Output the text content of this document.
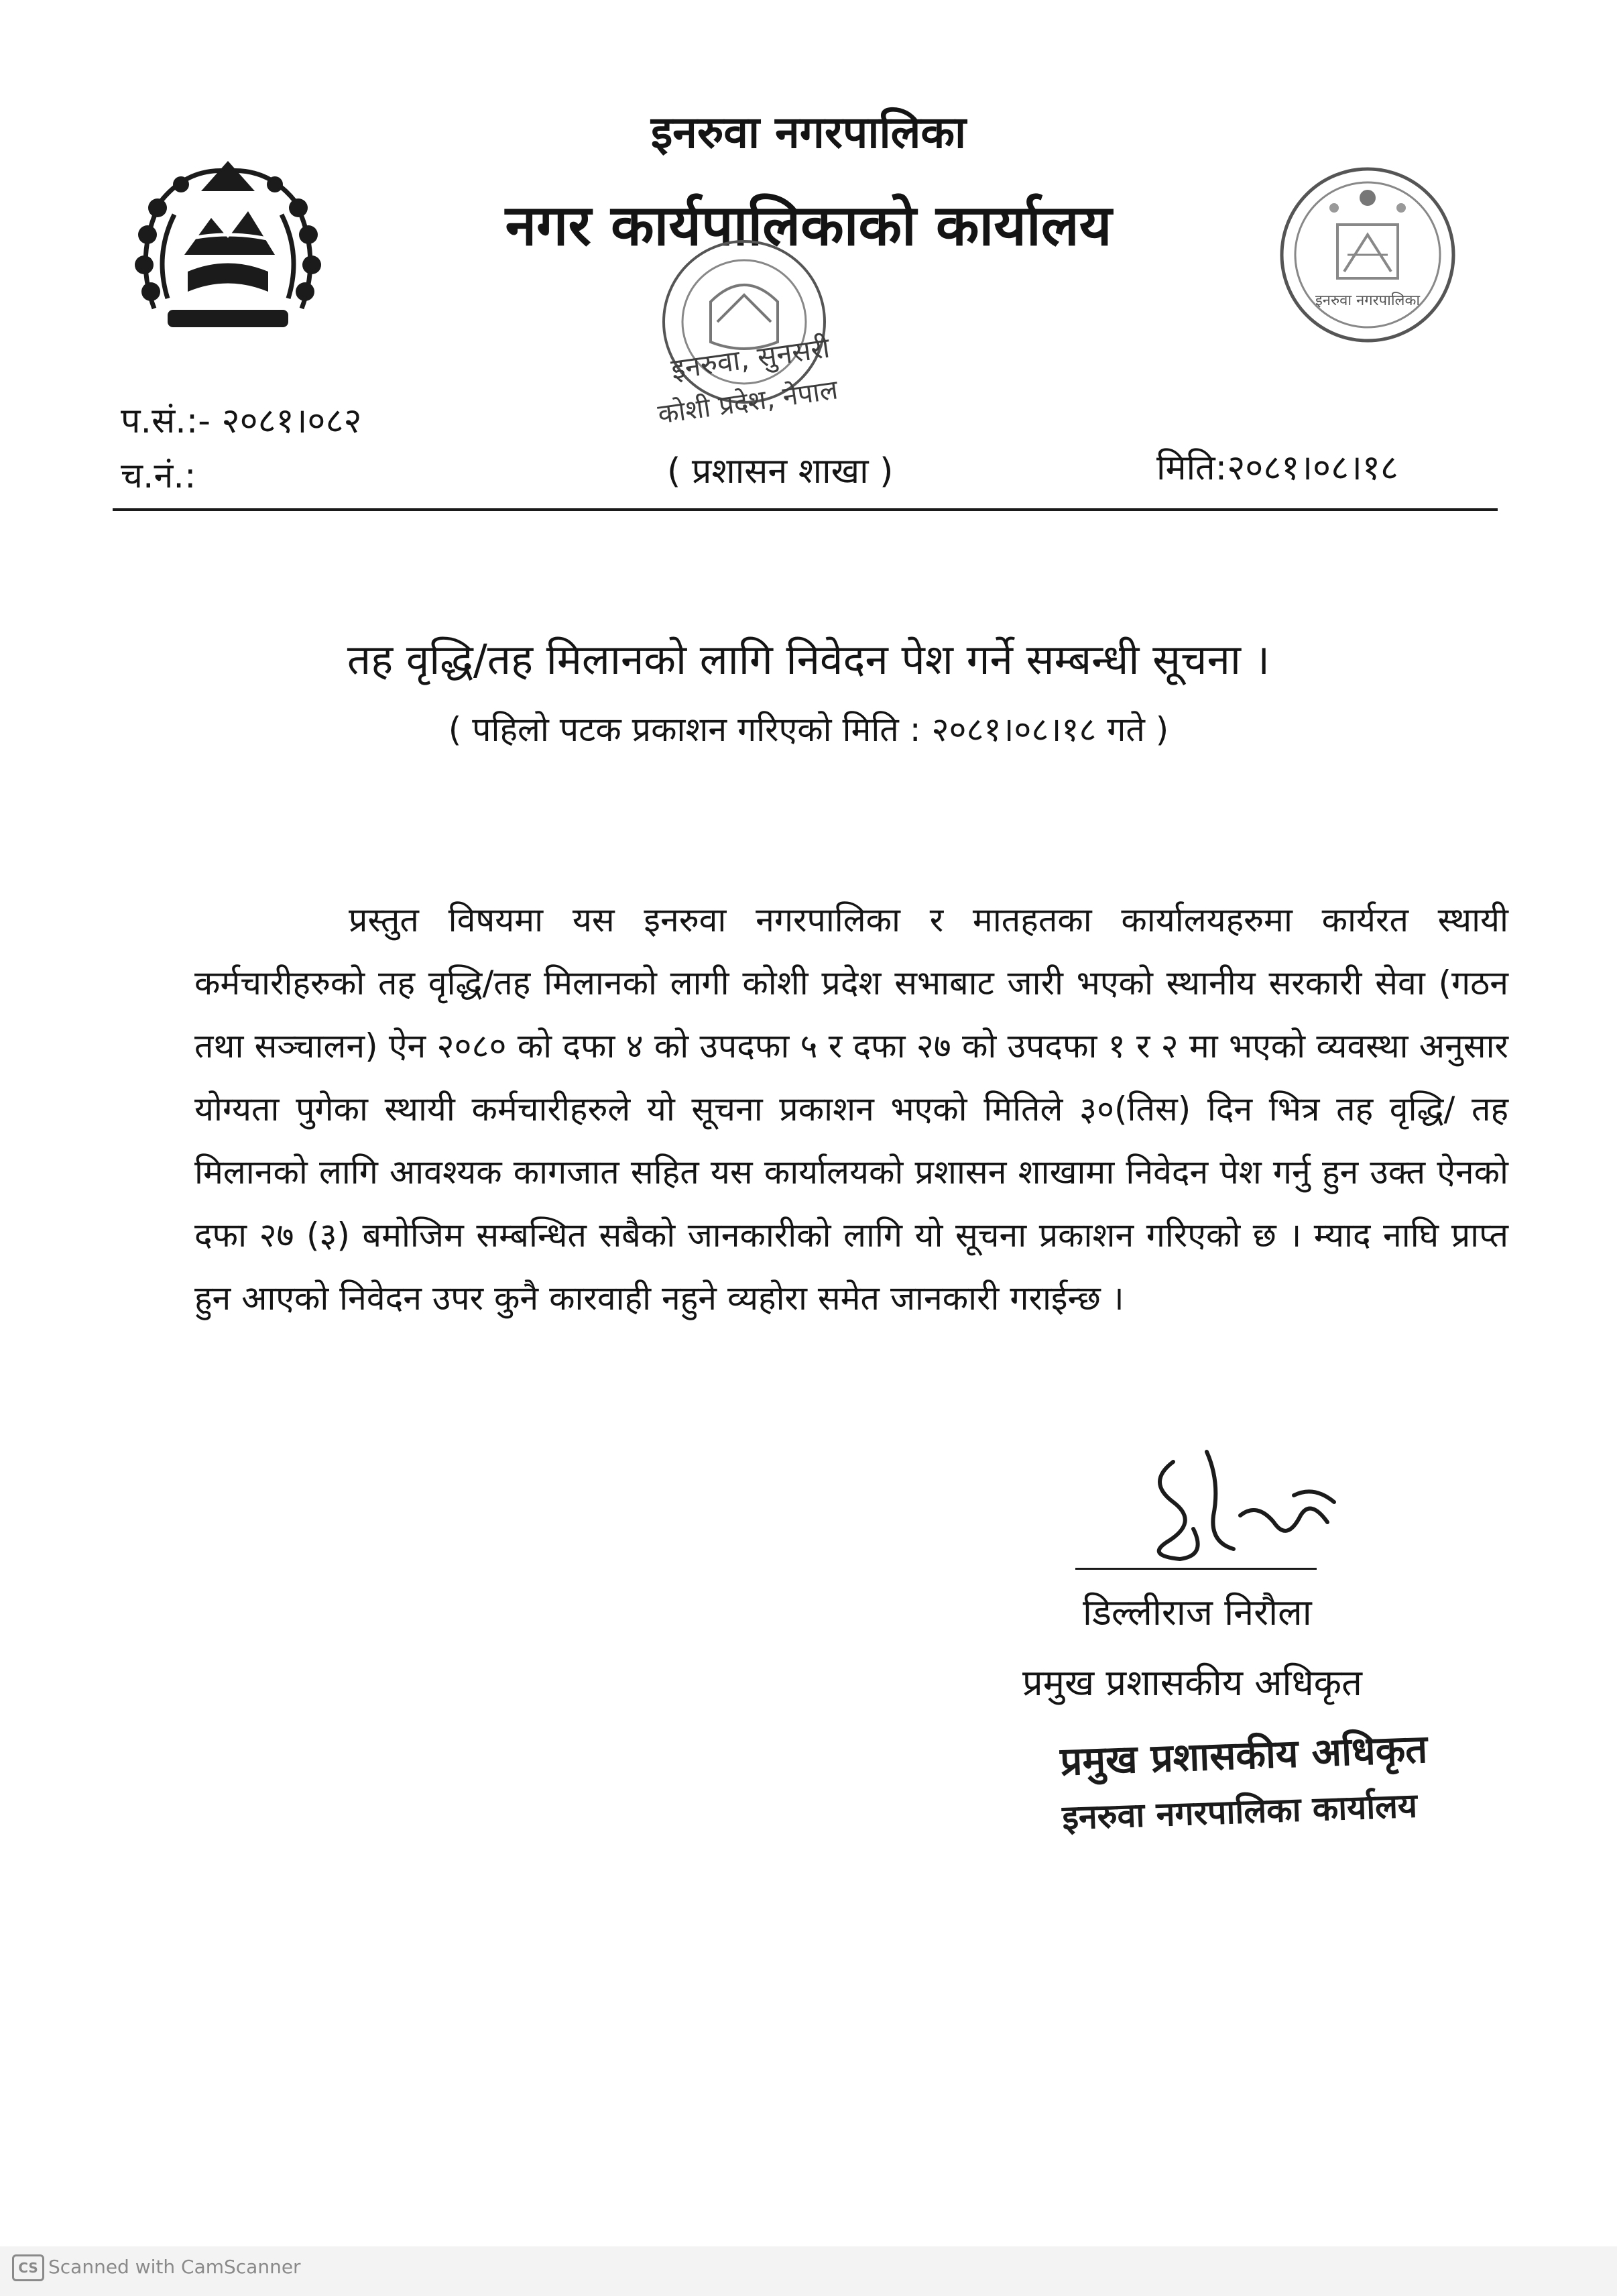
इनरुवा नगरपालिका
इनरुवा नगरपालिका
नगर कार्यपालिकाको कार्यालय
इनरुवा, सुनसरी
कोशी प्रदेश, नेपाल
प.सं.:- २०८१।०८२
च.नं.:	( प्रशासन शाखा )	मिति:२०८१।०८।१८
तह वृद्धि/तह मिलानको लागि निवेदन पेश गर्ने सम्बन्धी सूचना ।
( पहिलो पटक प्रकाशन गरिएको मिति : २०८१।०८।१८ गते )
प्रस्तुत विषयमा यस इनरुवा नगरपालिका र मातहतका कार्यालयहरुमा कार्यरत स्थायी कर्मचारीहरुको तह वृद्धि/तह मिलानको लागी कोशी प्रदेश सभाबाट जारी भएको स्थानीय सरकारी सेवा (गठन तथा सञ्चालन) ऐन २०८० को दफा ४ को उपदफा ५ र दफा २७ को उपदफा १ र २ मा भएको व्यवस्था अनुसार योग्यता पुगेका स्थायी कर्मचारीहरुले यो सूचना प्रकाशन भएको मितिले ३०(तिस) दिन भित्र तह वृद्धि/ तह मिलानको लागि आवश्यक कागजात सहित यस कार्यालयको प्रशासन शाखामा निवेदन पेश गर्नु हुन उक्त ऐनको दफा २७ (३) बमोजिम सम्बन्धित सबैको जानकारीको लागि यो सूचना प्रकाशन गरिएको छ । म्याद नाघि प्राप्त हुन आएको निवेदन उपर कुनै कारवाही नहुने व्यहोरा समेत जानकारी गराईन्छ ।
डिल्लीराज निरौला
प्रमुख प्रशासकीय अधिकृत
प्रमुख प्रशासकीय अधिकृत
इनरुवा नगरपालिका कार्यालय
CS Scanned with CamScanner
